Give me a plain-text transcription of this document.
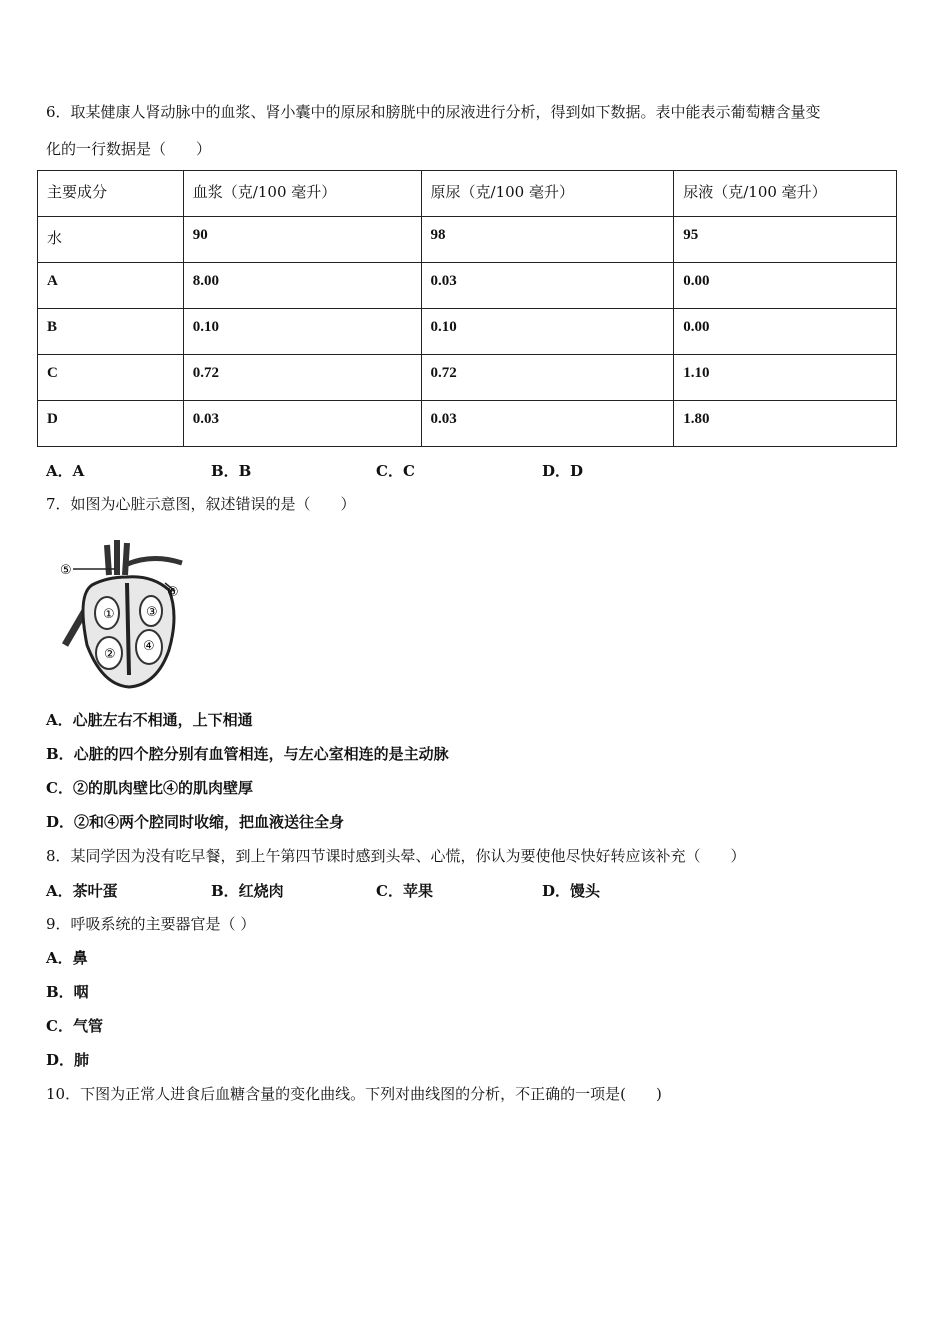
6．取某健康人肾动脉中的血浆、肾小囊中的原尿和膀胱中的尿液进行分析，得到如下数据。表中能表示葡萄糖含量变
化的一行数据是（　　）
主要成分	血浆（克/100 毫升）	原尿（克/100 毫升）	尿液（克/100 毫升）
水	90	98	95
A	8.00	0.03	0.00
B	0.10	0.10	0.00
C	0.72	0.72	1.10
D	0.03	0.03	1.80
A．A	B．B	C．C	D．D
7．如图为心脏示意图，叙述错误的是（　　）
①
②
③
④
⑤
⑥
A．心脏左右不相通，上下相通
B．心脏的四个腔分别有血管相连，与左心室相连的是主动脉
C．②的肌肉壁比④的肌肉壁厚
D．②和④两个腔同时收缩，把血液送往全身
8．某同学因为没有吃早餐，到上午第四节课时感到头晕、心慌，你认为要使他尽快好转应该补充（　　）
A．茶叶蛋	B．红烧肉	C．苹果	D．馒头
9．呼吸系统的主要器官是（ ）
A．鼻
B．咽
C．气管
D．肺
10．下图为正常人进食后血糖含量的变化曲线。下列对曲线图的分析，不正确的一项是(　　)
